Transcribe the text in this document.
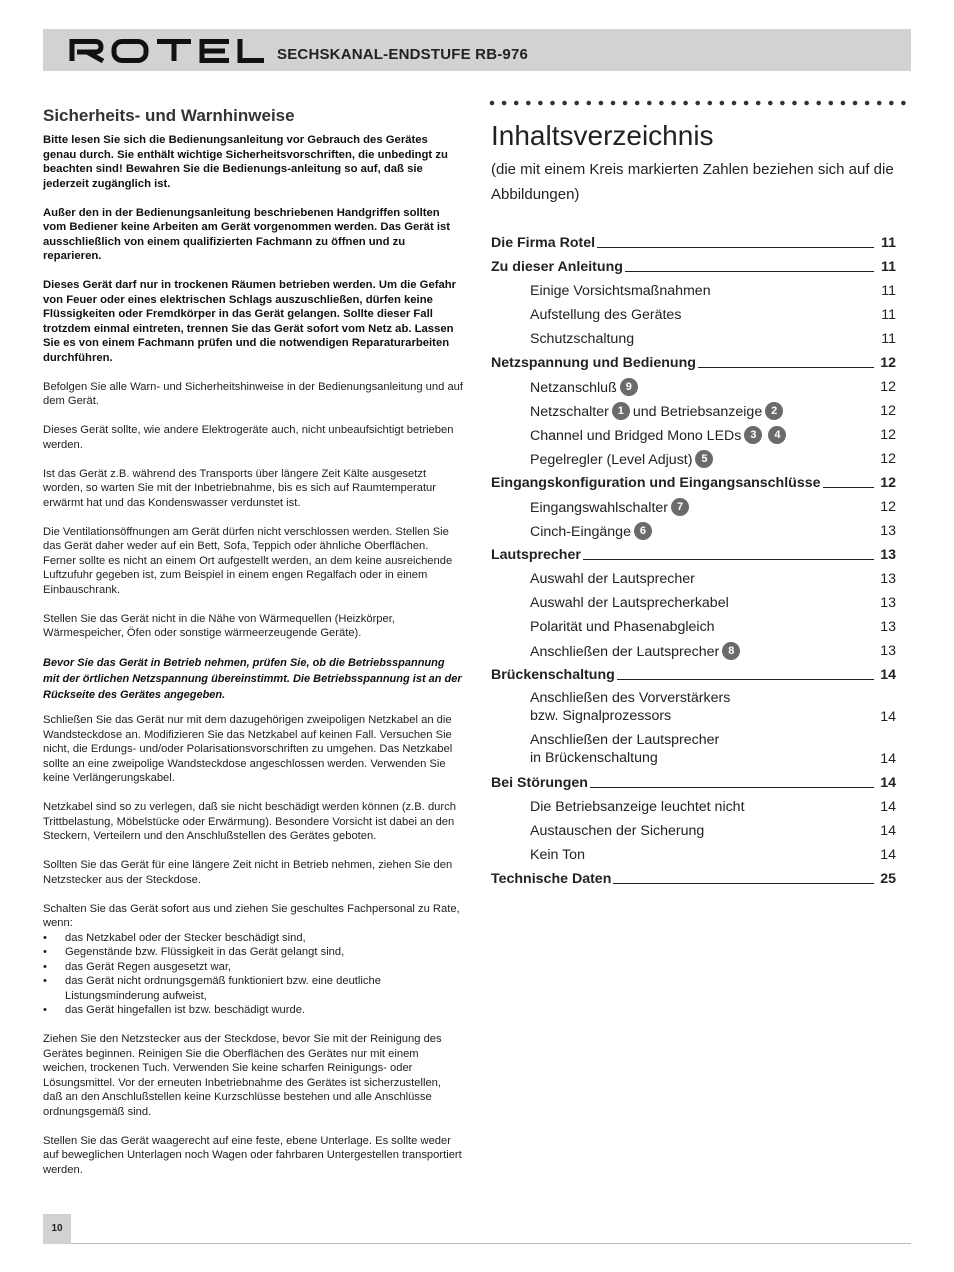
SECHSKANAL-ENDSTUFE RB-976
Sicherheits- und Warnhinweise
Bitte lesen Sie sich die Bedienungsanleitung vor Gebrauch des Gerätes genau durch. Sie enthält wichtige Sicherheitsvorschriften, die unbedingt zu beachten sind! Bewahren Sie die Bedienungs-anleitung so auf, daß sie jederzeit zugänglich ist.
Außer den in der Bedienungsanleitung beschriebenen Handgriffen sollten vom Bediener keine Arbeiten am Gerät vorgenommen werden. Das Gerät ist ausschließlich von einem qualifizierten Fachmann zu öffnen und zu reparieren.
Dieses Gerät darf nur in trockenen Räumen betrieben werden. Um die Gefahr von Feuer oder eines elektrischen Schlags auszuschließen, dürfen keine Flüssigkeiten oder Fremdkörper in das Gerät gelangen. Sollte dieser Fall trotzdem einmal eintreten, trennen Sie das Gerät sofort vom Netz ab. Lassen Sie es von einem Fachmann prüfen und die notwendigen Reparaturarbeiten durchführen.
Befolgen Sie alle Warn- und Sicherheitshinweise in der Bedienungsanleitung und auf dem Gerät.
Dieses Gerät sollte, wie andere Elektrogeräte auch, nicht unbeaufsichtigt betrieben werden.
Ist das Gerät z.B. während des Transports über längere Zeit Kälte ausgesetzt worden, so warten Sie mit der Inbetriebnahme, bis es sich auf Raumtemperatur erwärmt hat und das Kondenswasser verdunstet ist.
Die Ventilationsöffnungen am Gerät dürfen nicht verschlossen werden. Stellen Sie das Gerät daher weder auf ein Bett, Sofa, Teppich oder ähnliche Oberflächen. Ferner sollte es nicht an einem Ort aufgestellt werden, an dem keine ausreichende Luftzufuhr gegeben ist, zum Beispiel in einem engen Regalfach oder in einem Einbauschrank.
Stellen Sie das Gerät nicht in die Nähe von Wärmequellen (Heizkörper, Wärmespeicher, Öfen oder sonstige wärmeerzeugende Geräte).
Bevor Sie das Gerät in Betrieb nehmen, prüfen Sie, ob die Betriebsspannung mit der örtlichen Netzspannung übereinstimmt. Die Betriebsspannung ist an der Rückseite des Gerätes angegeben.
Schließen Sie das Gerät nur mit dem dazugehörigen zweipoligen Netzkabel an die Wandsteckdose an. Modifizieren Sie das Netzkabel auf keinen Fall. Versuchen Sie nicht, die Erdungs- und/oder Polarisationsvorschriften zu umgehen. Das Netzkabel sollte an eine zweipolige Wandsteckdose angeschlossen werden. Verwenden Sie keine Verlängerungskabel.
Netzkabel sind so zu verlegen, daß sie nicht beschädigt werden können (z.B. durch Trittbelastung, Möbelstücke oder Erwärmung). Besondere Vorsicht ist dabei an den Steckern, Verteilern und den Anschlußstellen des Gerätes geboten.
Sollten Sie das Gerät für eine längere Zeit nicht in Betrieb nehmen, ziehen Sie den Netzstecker aus der Steckdose.
Schalten Sie das Gerät sofort aus und ziehen Sie geschultes Fachpersonal zu Rate, wenn:
• das Netzkabel oder der Stecker beschädigt sind,
• Gegenstände bzw. Flüssigkeit in das Gerät gelangt sind,
• das Gerät Regen ausgesetzt war,
• das Gerät nicht ordnungsgemäß funktioniert bzw. eine deutliche Listungsminderung aufweist,
• das Gerät hingefallen ist bzw. beschädigt wurde.
Ziehen Sie den Netzstecker aus der Steckdose, bevor Sie mit der Reinigung des Gerätes beginnen. Reinigen Sie die Oberflächen des Gerätes nur mit einem weichen, trockenen Tuch. Verwenden Sie keine scharfen Reinigungs- oder Lösungsmittel. Vor der erneuten Inbetriebnahme des Gerätes ist sicherzustellen, daß an den Anschlußstellen keine Kurzschlüsse bestehen und alle Anschlüsse ordnungsgemäß sind.
Stellen Sie das Gerät waagerecht auf eine feste, ebene Unterlage. Es sollte weder auf beweglichen Unterlagen noch Wagen oder fahrbaren Untergestellen transportiert werden.
Inhaltsverzeichnis
(die mit einem Kreis markierten Zahlen beziehen sich auf die Abbildungen)
Die Firma Rotel	11
Zu dieser Anleitung	11
Einige Vorsichtsmaßnahmen	11
Aufstellung des Gerätes	11
Schutzschaltung	11
Netzspannung und Bedienung	12
Netzanschluß 9	12
Netzschalter 1 und Betriebsanzeige 2	12
Channel und Bridged Mono LEDs 3 4	12
Pegelregler (Level Adjust) 5	12
Eingangskonfiguration und Eingangsanschlüsse	12
Eingangswahlschalter 7	12
Cinch-Eingänge 6	13
Lautsprecher	13
Auswahl der Lautsprecher	13
Auswahl der Lautsprecherkabel	13
Polarität und Phasenabgleich	13
Anschließen der Lautsprecher 8	13
Brückenschaltung	14
Anschließen des Vorverstärkers
bzw. Signalprozessors	14
Anschließen der Lautsprecher
in Brückenschaltung	14
Bei Störungen	14
Die Betriebsanzeige leuchtet nicht	14
Austauschen der Sicherung	14
Kein Ton	14
Technische Daten	25
10
